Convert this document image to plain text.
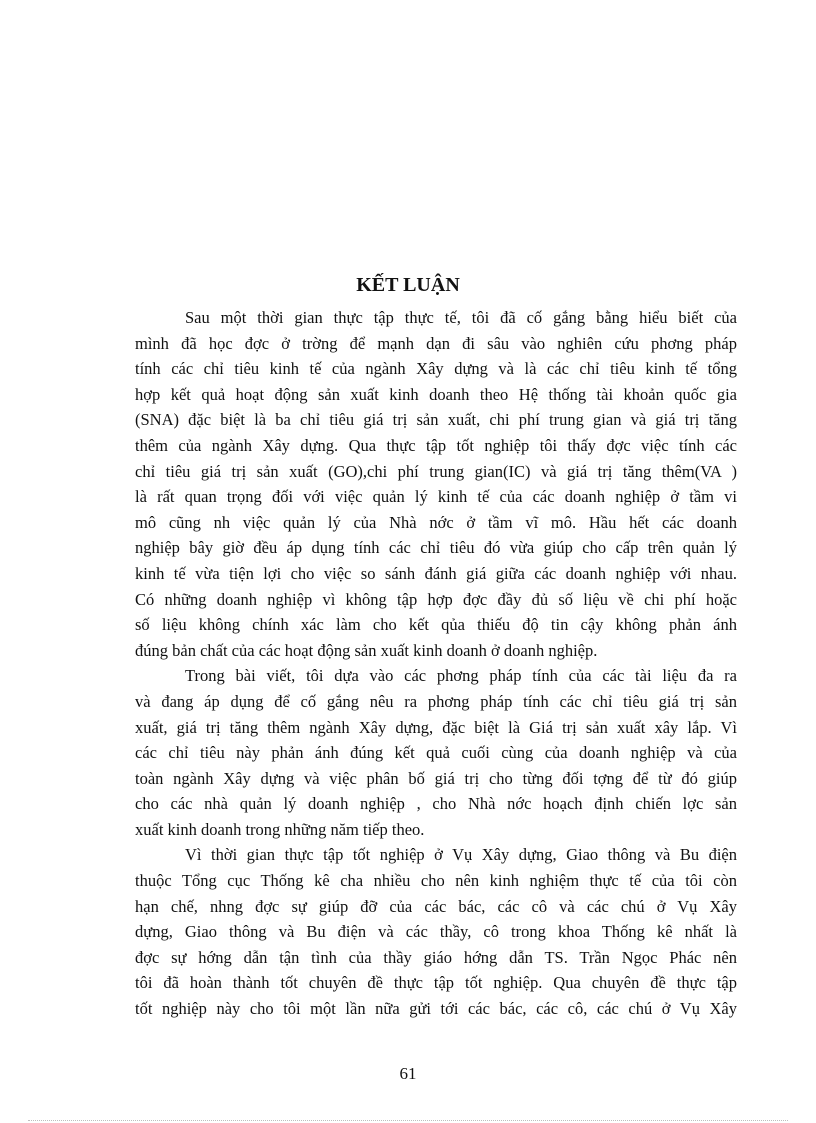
KẾT LUẬN
Sau một thời gian thực tập thực tế, tôi đã cố gắng bằng hiểu biết của
mình đã học đợc ở trờng để mạnh dạn đi sâu vào nghiên cứu phơng pháp
tính các chỉ tiêu kinh tế của ngành Xây dựng và là các chỉ tiêu kinh tế tổng
hợp kết quả hoạt động sản xuất kinh doanh theo Hệ thống tài khoản quốc gia
(SNA) đặc biệt là ba chỉ tiêu giá trị sản xuất, chi phí trung gian và giá trị tăng
thêm của ngành Xây dựng. Qua thực tập tốt nghiệp tôi thấy đợc việc tính các
chỉ tiêu giá trị sản xuất (GO),chi phí trung gian(IC) và giá trị tăng thêm(VA )
là rất quan trọng đối với việc quản lý kinh tế của các doanh nghiệp ở tầm vi
mô cũng nh việc quản lý của Nhà nớc ở tầm vĩ mô. Hầu hết các doanh
nghiệp bây giờ đều áp dụng tính các chỉ tiêu đó vừa giúp cho cấp trên quản lý
kinh tế vừa tiện lợi cho việc so sánh đánh giá giữa các doanh nghiệp với nhau.
Có những doanh nghiệp vì không tập hợp đợc đầy đủ số liệu về chi phí hoặc
số liệu không chính xác làm cho kết qủa thiếu độ tin cậy không phản ánh
đúng bản chất của các hoạt động sản xuất kinh doanh ở doanh nghiệp.
Trong bài viết, tôi dựa vào các phơng pháp tính của các tài liệu đa ra
và đang áp dụng để cố gắng nêu ra phơng pháp tính các chỉ tiêu giá trị sản
xuất, giá trị tăng thêm ngành Xây dựng, đặc biệt là Giá trị sản xuất xây lắp. Vì
các chỉ tiêu này phản ánh đúng kết quả cuối cùng của doanh nghiệp và của
toàn ngành Xây dựng và việc phân bố giá trị cho từng đối tợng để từ đó giúp
cho các nhà quản lý doanh nghiệp , cho Nhà nớc hoạch định chiến lợc sản
xuất kinh doanh trong những năm tiếp theo.
Vì thời gian thực tập tốt nghiệp ở Vụ Xây dựng, Giao thông và Bu điện
thuộc Tổng cục Thống kê cha nhiều cho nên kinh nghiệm thực tế của tôi còn
hạn chế, nhng đợc sự giúp đỡ của các bác, các cô và các chú ở Vụ Xây
dựng, Giao thông và Bu điện và các thầy, cô trong khoa Thống kê nhất là
đợc sự hớng dẫn tận tình của thầy giáo hớng dẫn TS. Trần Ngọc Phác nên
tôi đã hoàn thành tốt chuyên đề thực tập tốt nghiệp. Qua chuyên đề thực tập
tốt nghiệp này cho tôi một lần nữa gửi tới các bác, các cô, các chú ở Vụ Xây
61
